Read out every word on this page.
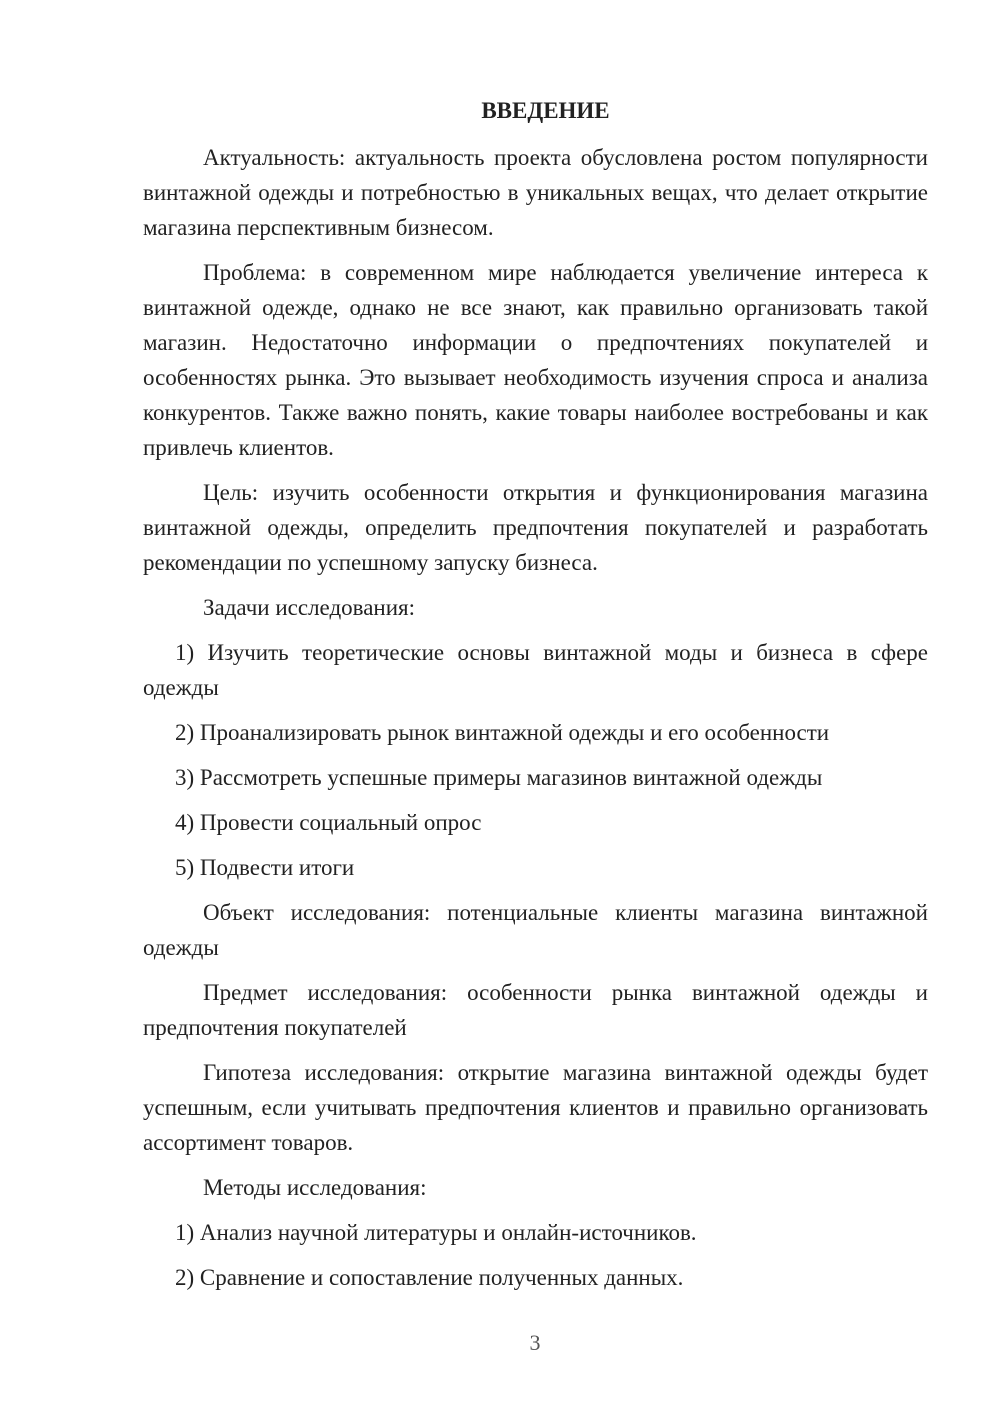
ВВЕДЕНИЕ

Актуальность: актуальность проекта обусловлена ростом популярности винтажной одежды и потребностью в уникальных вещах, что делает открытие магазина перспективным бизнесом.

Проблема: в современном мире наблюдается увеличение интереса к винтажной одежде, однако не все знают, как правильно организовать такой магазин. Недостаточно информации о предпочтениях покупателей и особенностях рынка. Это вызывает необходимость изучения спроса и анализа конкурентов. Также важно понять, какие товары наиболее востребованы и как привлечь клиентов.

Цель: изучить особенности открытия и функционирования магазина винтажной одежды, определить предпочтения покупателей и разработать рекомендации по успешному запуску бизнеса.

Задачи исследования:

1) Изучить теоретические основы винтажной моды и бизнеса в сфере одежды

2) Проанализировать рынок винтажной одежды и его особенности

3) Рассмотреть успешные примеры магазинов винтажной одежды

4) Провести социальный опрос

5) Подвести итоги

Объект исследования: потенциальные клиенты магазина винтажной одежды

Предмет исследования: особенности рынка винтажной одежды и предпочтения покупателей

Гипотеза исследования: открытие магазина винтажной одежды будет успешным, если учитывать предпочтения клиентов и правильно организовать ассортимент товаров.

Методы исследования:

1) Анализ научной литературы и онлайн-источников.

2) Сравнение и сопоставление полученных данных.

3
